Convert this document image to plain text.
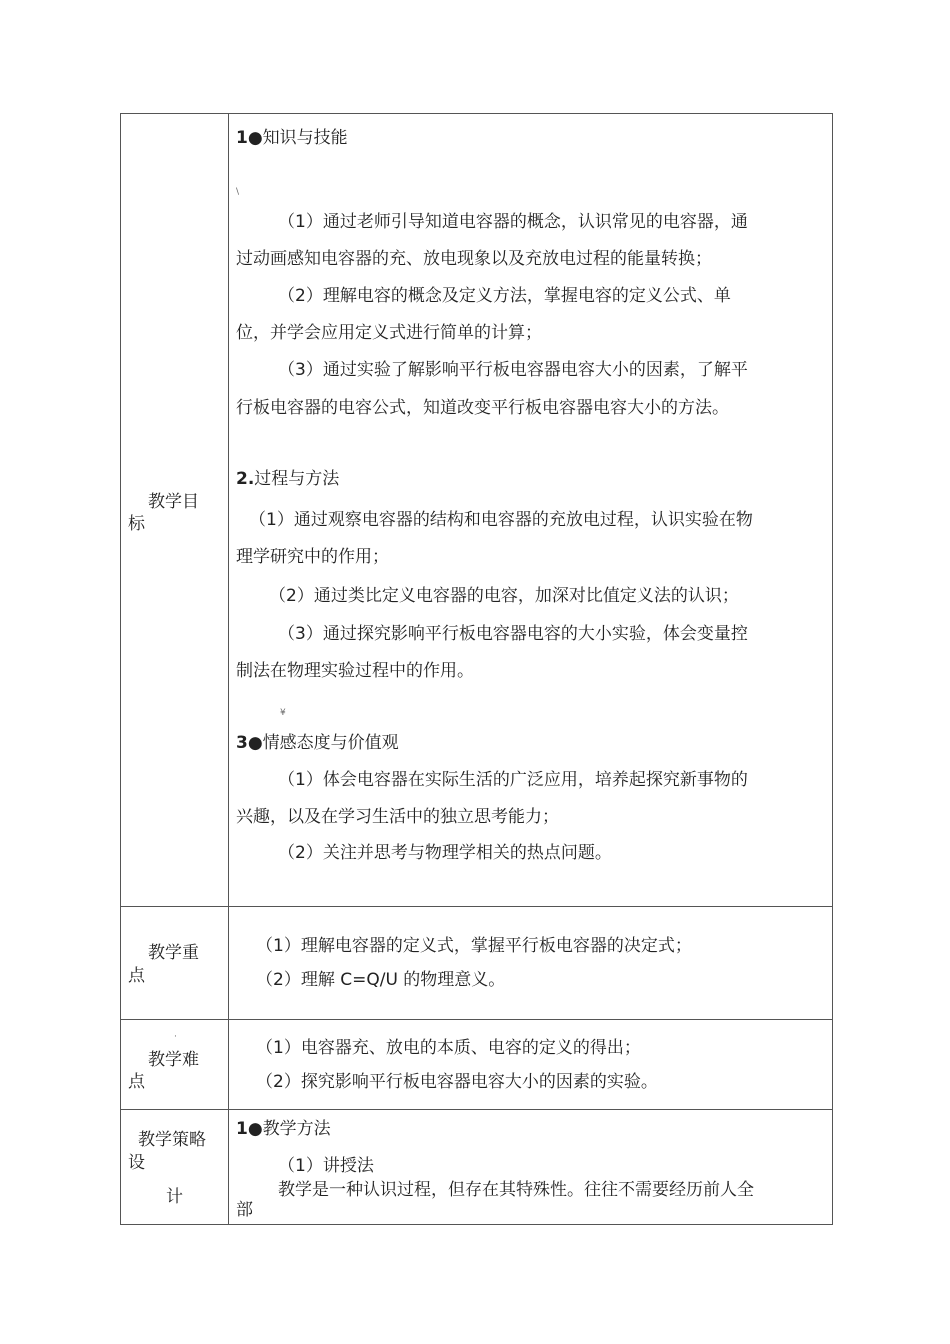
教学目
标
1●知识与技能
\
（1）通过老师引导知道电容器的概念，认识常见的电容器，通
过动画感知电容器的充、放电现象以及充放电过程的能量转换；
（2）理解电容的概念及定义方法，掌握电容的定义公式、单
位，并学会应用定义式进行简单的计算；
（3）通过实验了解影响平行板电容器电容大小的因素，了解平
行板电容器的电容公式，知道改变平行板电容器电容大小的方法。
2.过程与方法
（1）通过观察电容器的结构和电容器的充放电过程，认识实验在物
理学研究中的作用；
（2）通过类比定义电容器的电容，加深对比值定义法的认识；
（3）通过探究影响平行板电容器电容的大小实验，体会变量控
制法在物理实验过程中的作用。
¥
3●情感态度与价值观
（1）体会电容器在实际生活的广泛应用，培养起探究新事物的
兴趣，以及在学习生活中的独立思考能力；
（2）关注并思考与物理学相关的热点问题。
教学重
点
（1）理解电容器的定义式，掌握平行板电容器的决定式；
（2）理解 C=Q/U 的物理意义。
·
教学难
点
（1）电容器充、放电的本质、电容的定义的得出；
（2）探究影响平行板电容器电容大小的因素的实验。
教学策略
设
计
1●教学方法
（1）讲授法
教学是一种认识过程，但存在其特殊性。往往不需要经历前人全
部
